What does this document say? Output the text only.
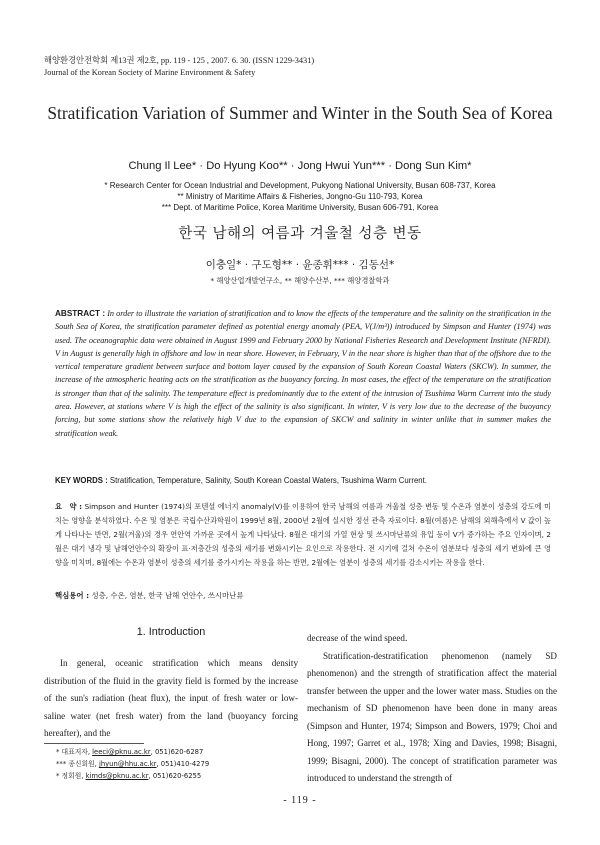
해양환경안전학회 제13권 제2호, pp. 119 - 125 , 2007. 6. 30. (ISSN 1229-3431)
Journal of the Korean Society of Marine Environment & Safety
Stratification Variation of Summer and Winter in the South Sea of Korea
Chung Il Lee* · Do Hyung Koo** · Jong Hwui Yun*** · Dong Sun Kim*
* Research Center for Ocean Industrial and Development, Pukyong National University, Busan 608-737, Korea
** Ministry of Maritime Affairs & Fisheries, Jongno-Gu 110-793, Korea
*** Dept. of Maritime Police, Korea Maritime University, Busan 606-791, Korea
한국 남해의 여름과 겨울철 성층 변동
이충일* · 구도형** · 윤종휘*** · 김동선*
* 해양산업개발연구소, ** 해양수산부, *** 해양경찰학과
ABSTRACT : In order to illustrate the variation of stratification and to know the effects of the temperature and the salinity on the stratification in the South Sea of Korea, the stratification parameter defined as potential energy anomaly (PEA, V(J/m³)) introduced by Simpson and Hunter (1974) was used. The oceanographic data were obtained in August 1999 and February 2000 by National Fisheries Research and Development Institute (NFRDI). V in August is generally high in offshore and low in near shore. However, in February, V in the near shore is higher than that of the offshore due to the vertical temperature gradient between surface and bottom layer caused by the expansion of South Korean Coastal Waters (SKCW). In summer, the increase of the atmospheric heating acts on the stratification as the buoyancy forcing. In most cases, the effect of the temperature on the stratification is stronger than that of the salinity. The temperature effect is predominantly due to the extent of the intrusion of Tsushima Warm Current into the study area. However, at stations where V is high the effect of the salinity is also significant. In winter, V is very low due to the decrease of the buoyancy forcing, but some stations show the relatively high V due to the expansion of SKCW and salinity in winter unlike that in summer makes the stratification weak.
KEY WORDS : Stratification, Temperature, Salinity, South Korean Coastal Waters, Tsushima Warm Current.
요　약 : Simpson and Hunter (1974)의 포텐셜 에너지 anomaly(V)를 이용하여 한국 남해의 여름과 겨울철 성층 변동 및 수온과 염분이 성층의 강도에 미치는 영향을 분석하였다. 수온 및 염분은 국립수산과학원이 1999년 8월, 2000년 2월에 실시한 정선 관측 자료이다. 8월(여름)은 남해의 외해측에서 V 값이 높게 나타나는 반면, 2월(겨울)의 경우 연안역 가까운 곳에서 높게 나타났다. 8월은 대기의 가열 현상 및 쓰시마난류의 유입 등이 V가 증가하는 주요 인자이며, 2월은 대기 냉각 및 남해연안수의 확장이 표·저층간의 성층의 세기를 변화시키는 요인으로 작용한다. 전 시기에 걸쳐 수온이 염분보다 성층의 세기 변화에 큰 영향을 미치며, 8월에는 수온과 염분이 성층의 세기를 증가시키는 작용을 하는 반면, 2월에는 염분이 성층의 세기를 감소시키는 작용을 한다.
핵심용어 : 성층, 수온, 염분, 한국 남해 연안수, 쓰시마난류
1. Introduction

In general, oceanic stratification which means density distribution of the fluid in the gravity field is formed by the increase of the sun's radiation (heat flux), the input of fresh water or low-saline water (net fresh water) from the land (buoyancy forcing hereafter), and the

decrease of the wind speed.

Stratification-destratification phenomenon (namely SD phenomenon) and the strength of stratification affect the material transfer between the upper and the lower water mass. Studies on the mechanism of SD phenomenon have been done in many areas (Simpson and Hunter, 1974; Simpson and Bowers, 1979; Choi and Hong, 1997; Garret et al., 1978; Xing and Davies, 1998; Bisagni, 1999; Bisagni, 2000). The concept of stratification parameter was introduced to understand the strength of

* 대표저자, leeci@pknu.ac.kr, 051)620-6287
*** 종신회원, jhyun@hhu.ac.kr, 051)410-4279
* 정회원, kimds@pknu.ac.kr, 051)620-6255
- 119 -
